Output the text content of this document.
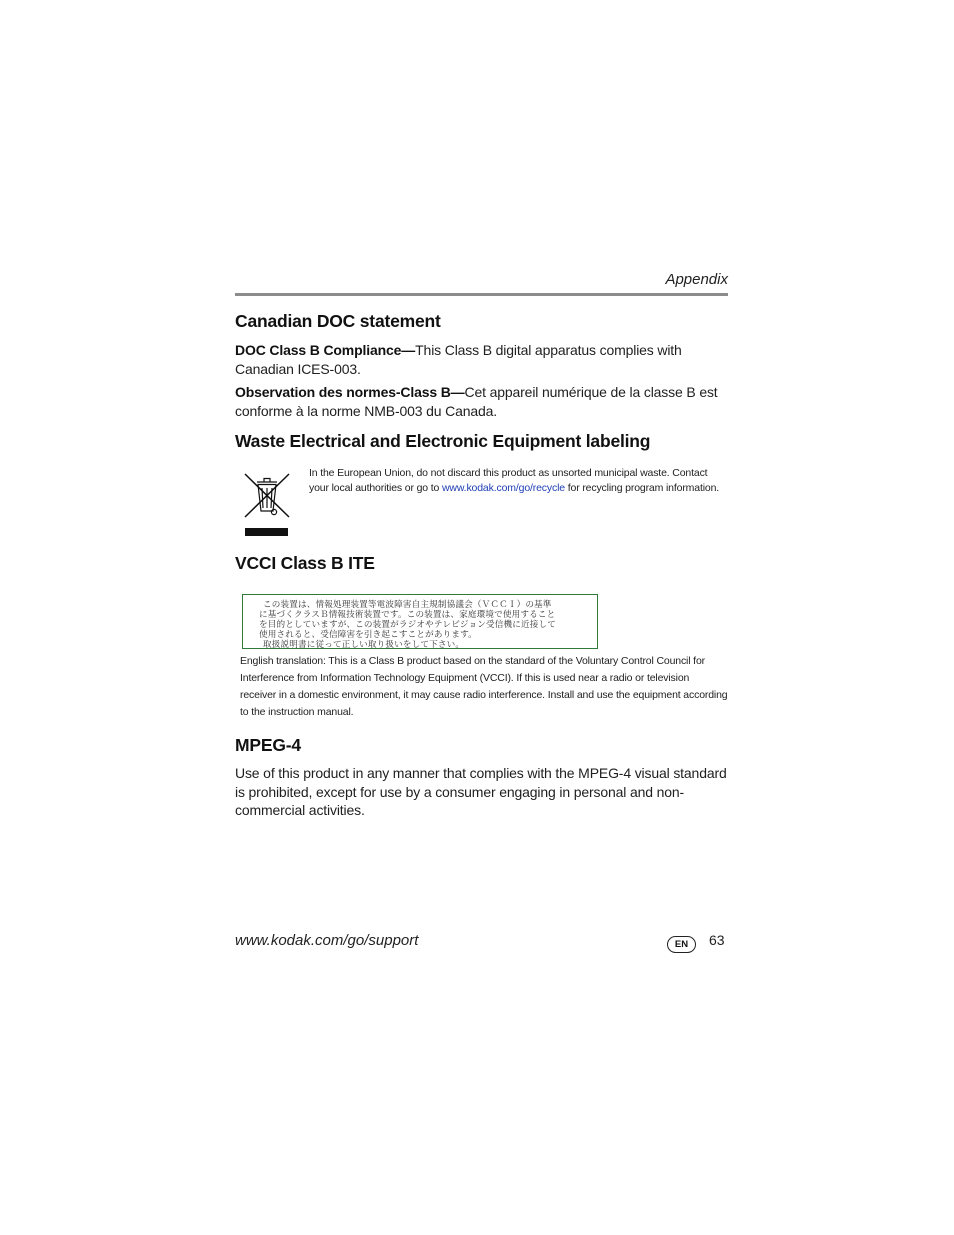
Appendix
Canadian DOC statement

DOC Class B Compliance—This Class B digital apparatus complies with Canadian ICES-003.

Observation des normes-Class B—Cet appareil numérique de la classe B est conforme à la norme NMB-003 du Canada.

Waste Electrical and Electronic Equipment labeling
In the European Union, do not discard this product as unsorted municipal waste. Contact your local authorities or go to www.kodak.com/go/recycle for recycling program information.
VCCI Class B ITE
この装置は、情報処理装置等電波障害自主規制協議会（ＶＣＣＩ）の基準
に基づくクラスＢ情報技術装置です。この装置は、家庭環境で使用すること
を目的としていますが、この装置がラジオやテレビジョン受信機に近接して
使用されると、受信障害を引き起こすことがあります。
取扱説明書に従って正しい取り扱いをして下さい。
English translation: This is a Class B product based on the standard of the Voluntary Control Council for Interference from Information Technology Equipment (VCCI). If this is used near a radio or television receiver in a domestic environment, it may cause radio interference. Install and use the equipment according to the instruction manual.
MPEG-4

Use of this product in any manner that complies with the MPEG-4 visual standard is prohibited, except for use by a consumer engaging in personal and non-commercial activities.

www.kodak.com/go/support	EN	63
